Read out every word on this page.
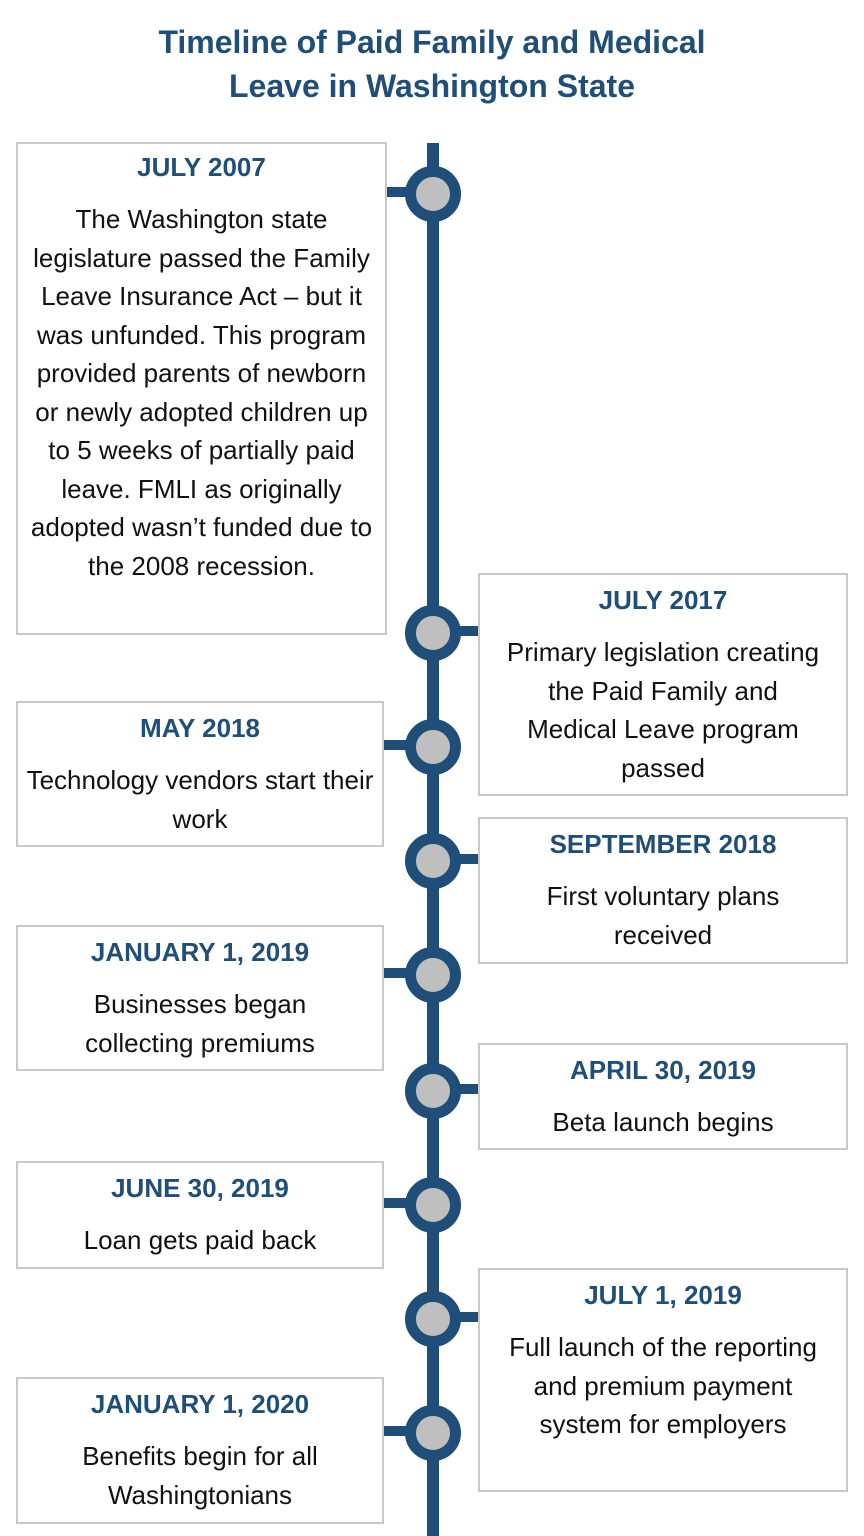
Timeline of Paid Family and Medical
Leave in Washington State
JULY 2007
The Washington state legislature passed the Family Leave Insurance Act – but it was unfunded. This program provided parents of newborn or newly adopted children up to 5 weeks of partially paid leave. FMLI as originally adopted wasn’t funded due to the 2008 recession.
JULY 2017
Primary legislation creating the Paid Family and Medical Leave program passed
MAY 2018
Technology vendors start their work
SEPTEMBER 2018
First voluntary plans received
JANUARY 1, 2019
Businesses began collecting premiums
APRIL 30, 2019
Beta launch begins
JUNE 30, 2019
Loan gets paid back
JULY 1, 2019
Full launch of the reporting and premium payment system for employers
JANUARY 1, 2020
Benefits begin for all Washingtonians
